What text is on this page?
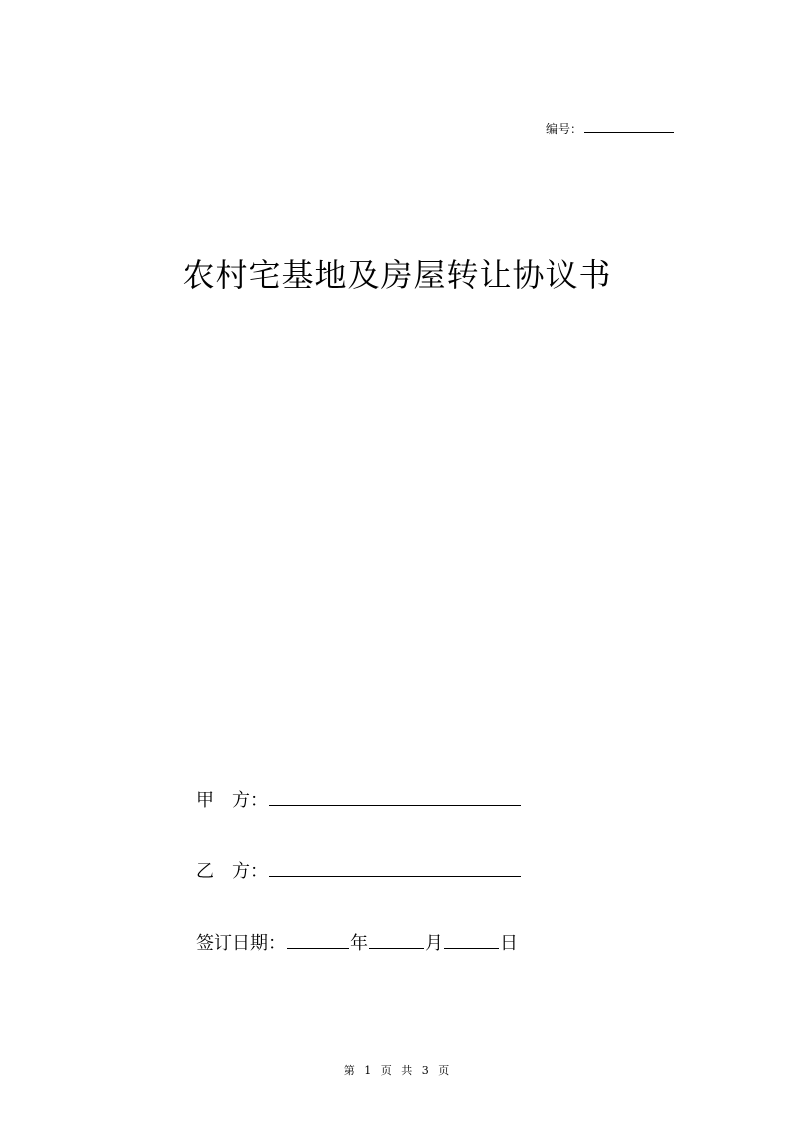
编号：
农村宅基地及房屋转让协议书
甲 方 ：
乙 方 ：
签订日期：	年	月	日
第 1 页 共 3 页
